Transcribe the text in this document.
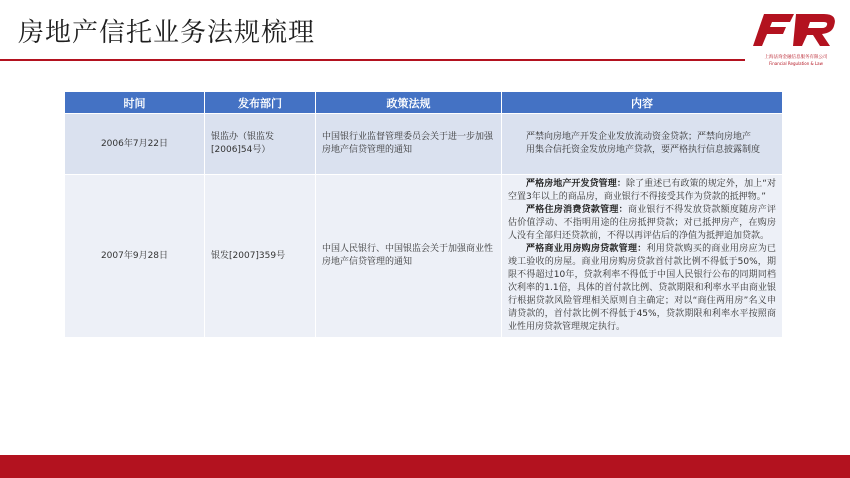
房地产信托业务法规梳理
上海法询金融信息服务有限公司
Financial Regulation & Law
时间	发布部门	政策法规	内容
2006年7月22日	银监办（银监发[2006]54号）	中国银行业监督管理委员会关于进一步加强房地产信贷管理的通知	严禁向房地产开发企业发放流动资金贷款；严禁向房地产
用集合信托资金发放房地产贷款，要严格执行信息披露制度

2007年9月28日	银发[2007]359号	中国人民银行、中国银监会关于加强商业性房地产信贷管理的通知	严格房地产开发贷管理：除了重述已有政策的规定外，加上“对空置3年以上的商品房，商业银行不得接受其作为贷款的抵押物。”
严格住房消费贷款管理：商业银行不得发放贷款额度随房产评估价值浮动、不指明用途的住房抵押贷款；对已抵押房产，在购房人没有全部归还贷款前，不得以再评估后的净值为抵押追加贷款。
严格商业用房购房贷款管理：利用贷款购买的商业用房应为已竣工验收的房屋。商业用房购房贷款首付款比例不得低于50%，期限不得超过10年，贷款利率不得低于中国人民银行公布的同期同档次利率的1.1倍，具体的首付款比例、贷款期限和利率水平由商业银行根据贷款风险管理相关原则自主确定；对以“商住两用房”名义申请贷款的，首付款比例不得低于45%，贷款期限和利率水平按照商业性用房贷款管理规定执行。
